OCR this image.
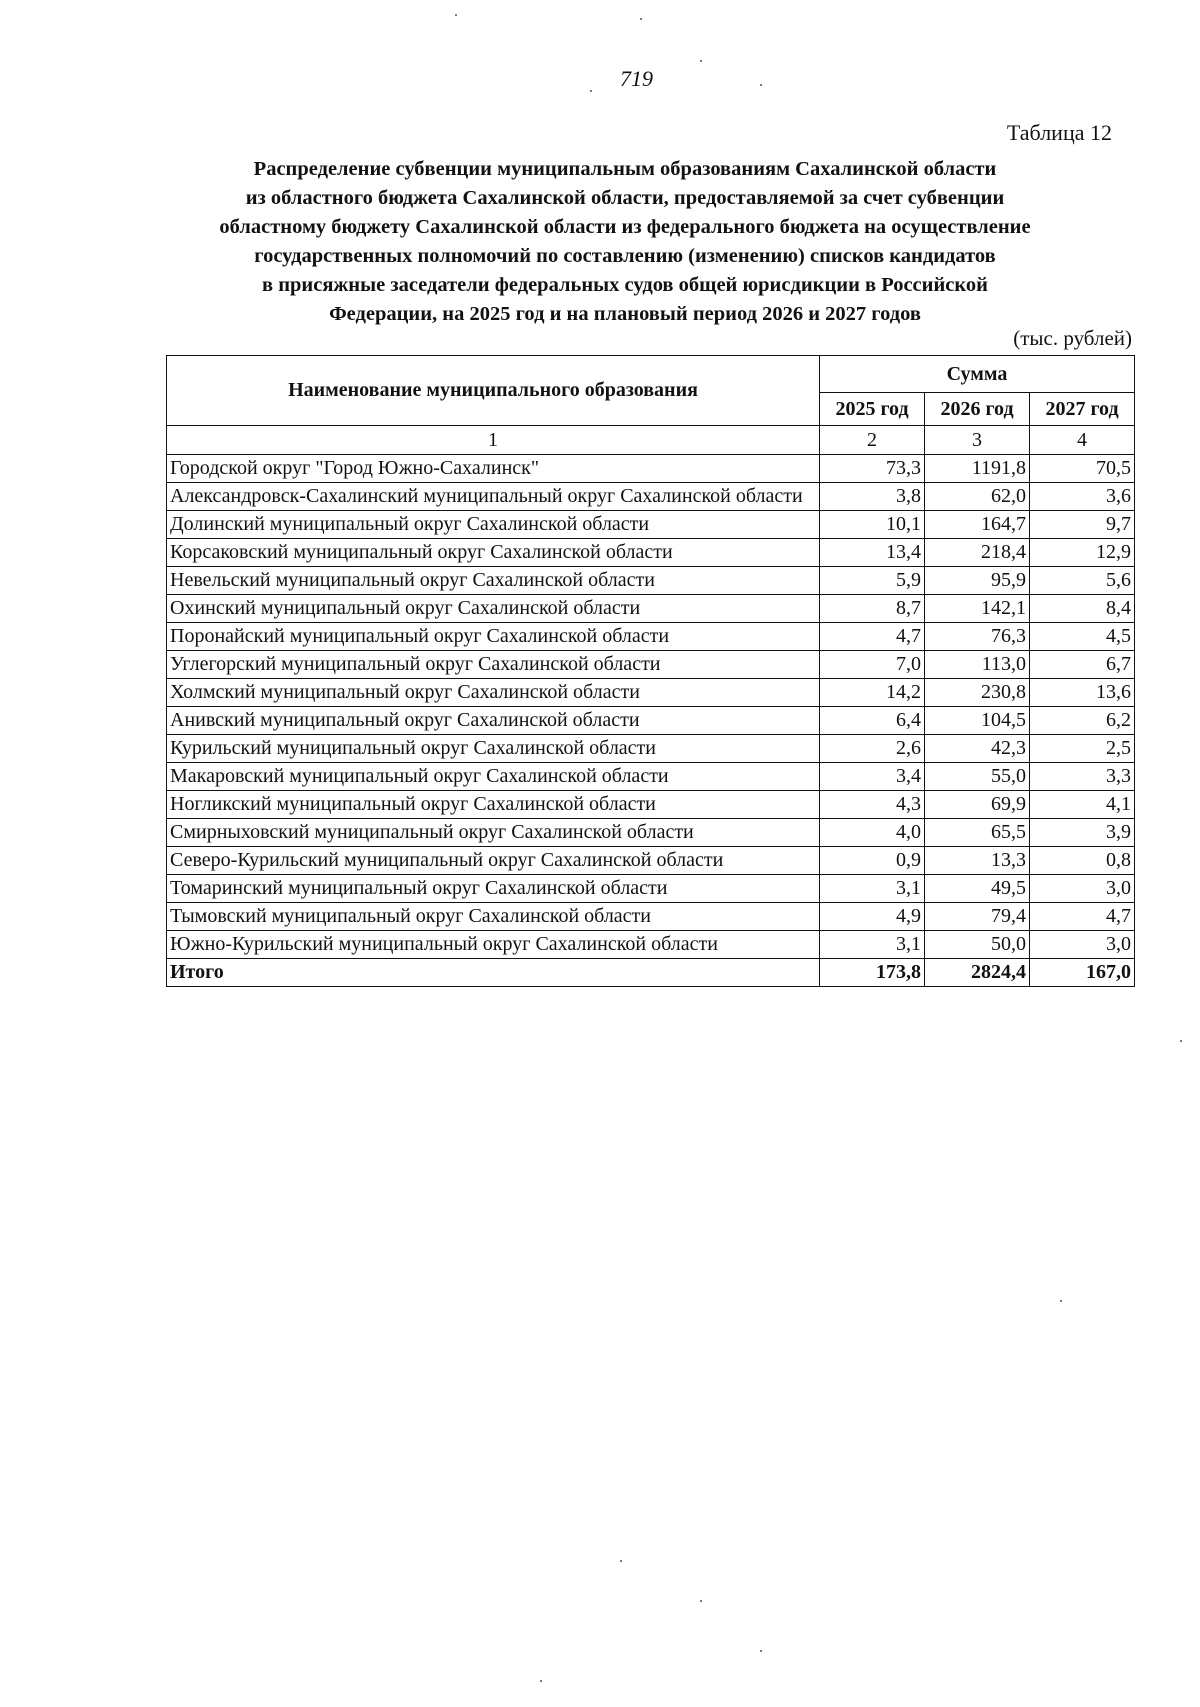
719
Таблица 12
Распределение субвенции муниципальным образованиям Сахалинской области
из областного бюджета Сахалинской области, предоставляемой за счет субвенции
областному бюджету Сахалинской области из федерального бюджета на осуществление
государственных полномочий по составлению (изменению) списков кандидатов
в присяжные заседатели федеральных судов общей юрисдикции в Российской
Федерации, на 2025 год и на плановый период 2026 и 2027 годов
(тыс. рублей)
Наименование муниципального образования	Сумма		
	2025 год	2026 год	2027 год
1	2	3	4
Городской округ "Город Южно-Сахалинск"	73,3	1191,8	70,5
Александровск-Сахалинский муниципальный округ Сахалинской области	3,8	62,0	3,6
Долинский муниципальный округ Сахалинской области	10,1	164,7	9,7
Корсаковский муниципальный округ Сахалинской области	13,4	218,4	12,9
Невельский муниципальный округ Сахалинской области	5,9	95,9	5,6
Охинский муниципальный округ Сахалинской области	8,7	142,1	8,4
Поронайский муниципальный округ Сахалинской области	4,7	76,3	4,5
Углегорский муниципальный округ Сахалинской области	7,0	113,0	6,7
Холмский муниципальный округ Сахалинской области	14,2	230,8	13,6
Анивский муниципальный округ Сахалинской области	6,4	104,5	6,2
Курильский муниципальный округ Сахалинской области	2,6	42,3	2,5
Макаровский муниципальный округ Сахалинской области	3,4	55,0	3,3
Ногликский муниципальный округ Сахалинской области	4,3	69,9	4,1
Смирныховский муниципальный округ Сахалинской области	4,0	65,5	3,9
Северо-Курильский муниципальный округ Сахалинской области	0,9	13,3	0,8
Томаринский муниципальный округ Сахалинской области	3,1	49,5	3,0
Тымовский муниципальный округ Сахалинской области	4,9	79,4	4,7
Южно-Курильский муниципальный округ Сахалинской области	3,1	50,0	3,0
Итого	173,8	2824,4	167,0
